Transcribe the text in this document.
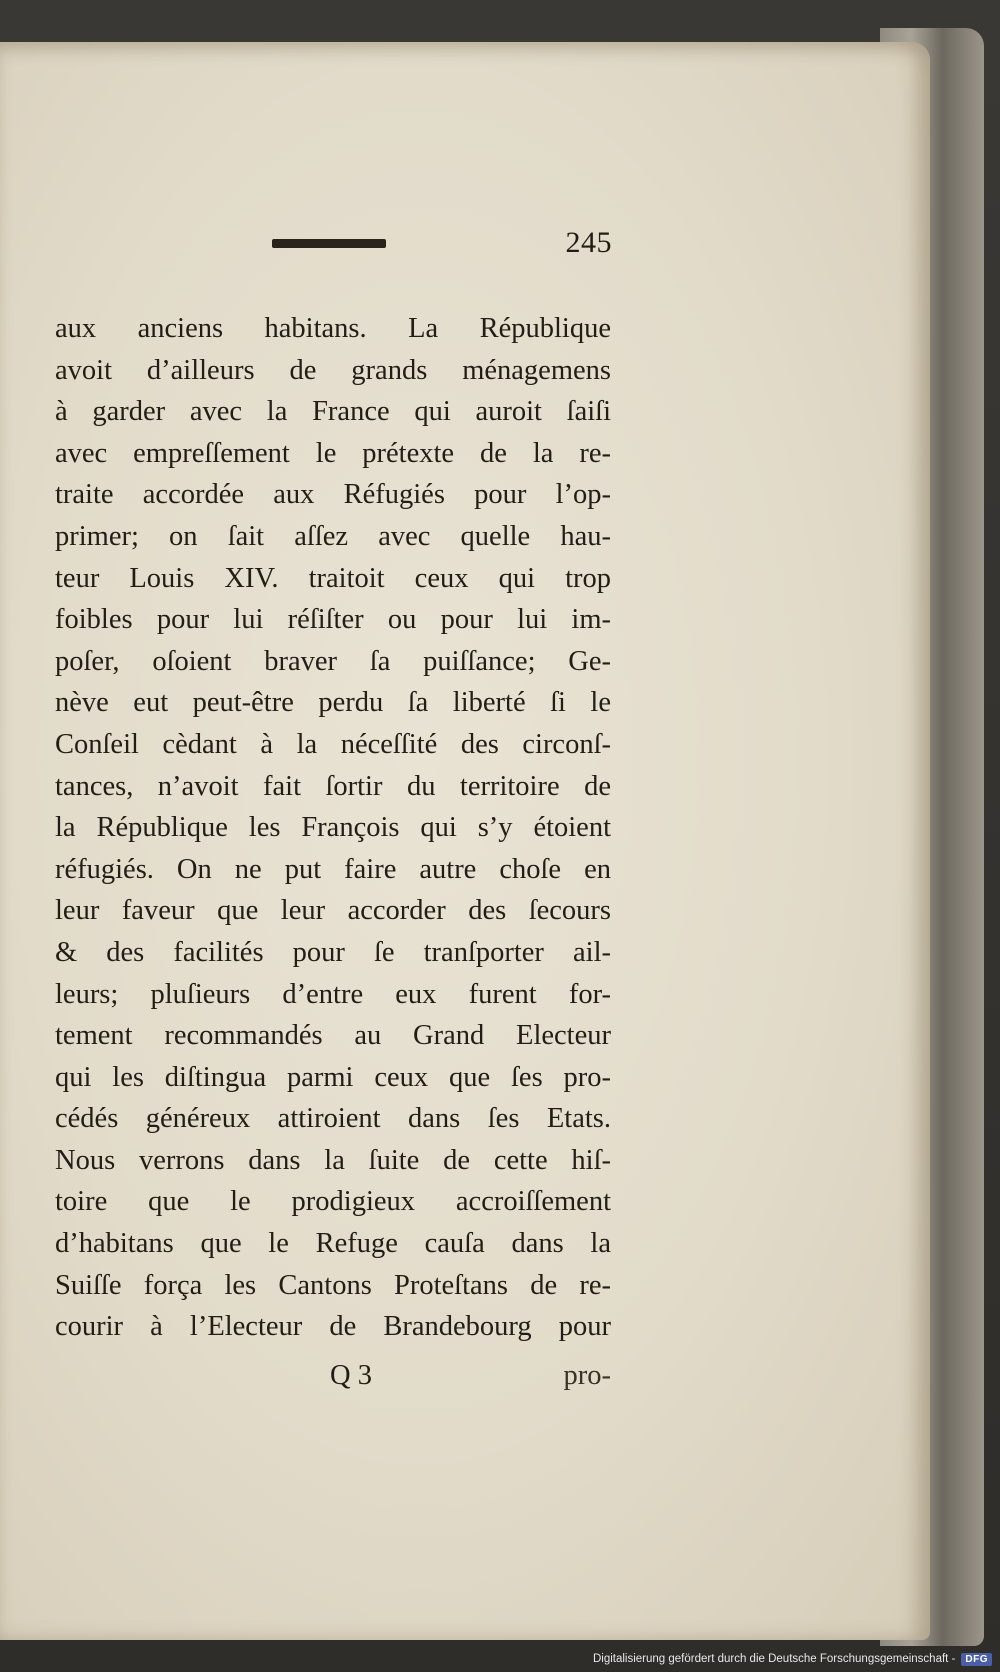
245
aux anciens habitans. La République
avoit d’ailleurs de grands ménagemens
à garder avec la France qui auroit ſaiſi
avec empreſſement le prétexte de la re-
traite accordée aux Réfugiés pour l’op-
primer; on ſait aſſez avec quelle hau-
teur Louis XIV. traitoit ceux qui trop
foibles pour lui réſiſter ou pour lui im-
poſer, oſoient braver ſa puiſſance; Ge-
nève eut peut-être perdu ſa liberté ſi le
Conſeil cèdant à la néceſſité des circonſ-
tances, n’avoit fait ſortir du territoire de
la République les François qui s’y étoient
réfugiés. On ne put faire autre choſe en
leur faveur que leur accorder des ſecours
& des facilités pour ſe tranſporter ail-
leurs; pluſieurs d’entre eux furent for-
tement recommandés au Grand Electeur
qui les diſtingua parmi ceux que ſes pro-
cédés généreux attiroient dans ſes Etats.
Nous verrons dans la ſuite de cette hiſ-
toire que le prodigieux accroiſſement
d’habitans que le Refuge cauſa dans la
Suiſſe força les Cantons Proteſtans de re-
courir à l’Electeur de Brandebourg pour
Q 3	pro-
Digitalisierung gefördert durch die Deutsche Forschungsgemeinschaft -	DFG
